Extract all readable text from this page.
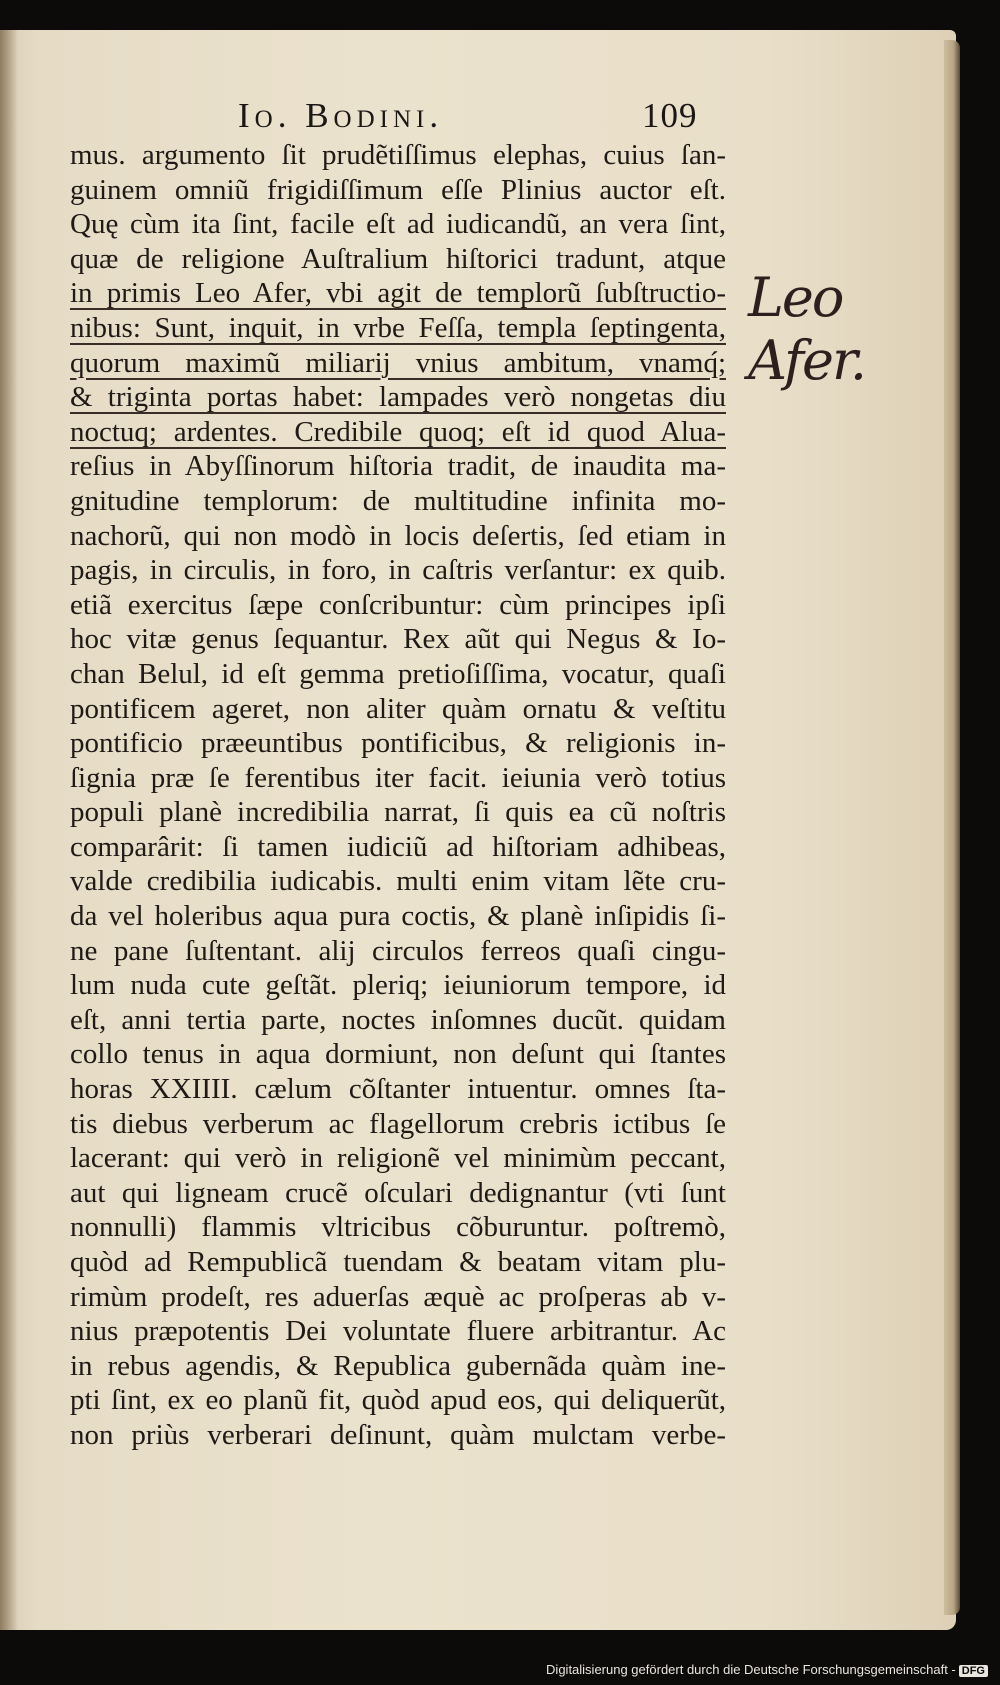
Io. Bodini.	109
mus. argumento ſit prudẽtiſſimus elephas, cuius ſan-
guinem omniũ frigidiſſimum eſſe Plinius auctor eſt.
Quę cùm ita ſint, facile eſt ad iudicandũ, an vera ſint,
quæ de religione Auſtralium hiſtorici tradunt, atque
in primis Leo Afer, vbi agit de templorũ ſubſtructio-
nibus: Sunt, inquit, in vrbe Feſſa, templa ſeptingenta,
quorum maximũ miliarij vnius ambitum, vnamq́;
& triginta portas habet: lampades verò nongetas diu
noctuq; ardentes. Credibile quoq; eſt id quod Alua-
reſius in Abyſſinorum hiſtoria tradit, de inaudita ma-
gnitudine templorum: de multitudine infinita mo-
nachorũ, qui non modò in locis deſertis, ſed etiam in
pagis, in circulis, in foro, in caſtris verſantur: ex quib.
etiã exercitus ſæpe conſcribuntur: cùm principes ipſi
hoc vitæ genus ſequantur. Rex aũt qui Negus & Io-
chan Belul, id eſt gemma pretioſiſſima, vocatur, quaſi
pontificem ageret, non aliter quàm ornatu & veſtitu
pontificio præeuntibus pontificibus, & religionis in-
ſignia præ ſe ferentibus iter facit. ieiunia verò totius
populi planè incredibilia narrat, ſi quis ea cũ noſtris
comparârit: ſi tamen iudiciũ ad hiſtoriam adhibeas,
valde credibilia iudicabis. multi enim vitam lẽte cru-
da vel holeribus aqua pura coctis, & planè inſipidis ſi-
ne pane ſuſtentant. alij circulos ferreos quaſi cingu-
lum nuda cute geſtãt. pleriq; ieiuniorum tempore, id
eſt, anni tertia parte, noctes inſomnes ducũt. quidam
collo tenus in aqua dormiunt, non deſunt qui ſtantes
horas XXIIII. cælum cõſtanter intuentur. omnes ſta-
tis diebus verberum ac flagellorum crebris ictibus ſe
lacerant: qui verò in religionẽ vel minimùm peccant,
aut qui ligneam crucẽ oſculari dedignantur (vti ſunt
nonnulli) flammis vltricibus cõburuntur. poſtremò,
quòd ad Rempublicã tuendam & beatam vitam plu-
rimùm prodeſt, res aduerſas æquè ac proſperas ab v-
nius præpotentis Dei voluntate fluere arbitrantur. Ac
in rebus agendis, & Republica gubernãda quàm ine-
pti ſint, ex eo planũ fit, quòd apud eos, qui deliquerũt,
non priùs verberari deſinunt, quàm mulctam verbe-
Leo Afer.
Digitalisierung gefördert durch die Deutsche Forschungsgemeinschaft - DFG
